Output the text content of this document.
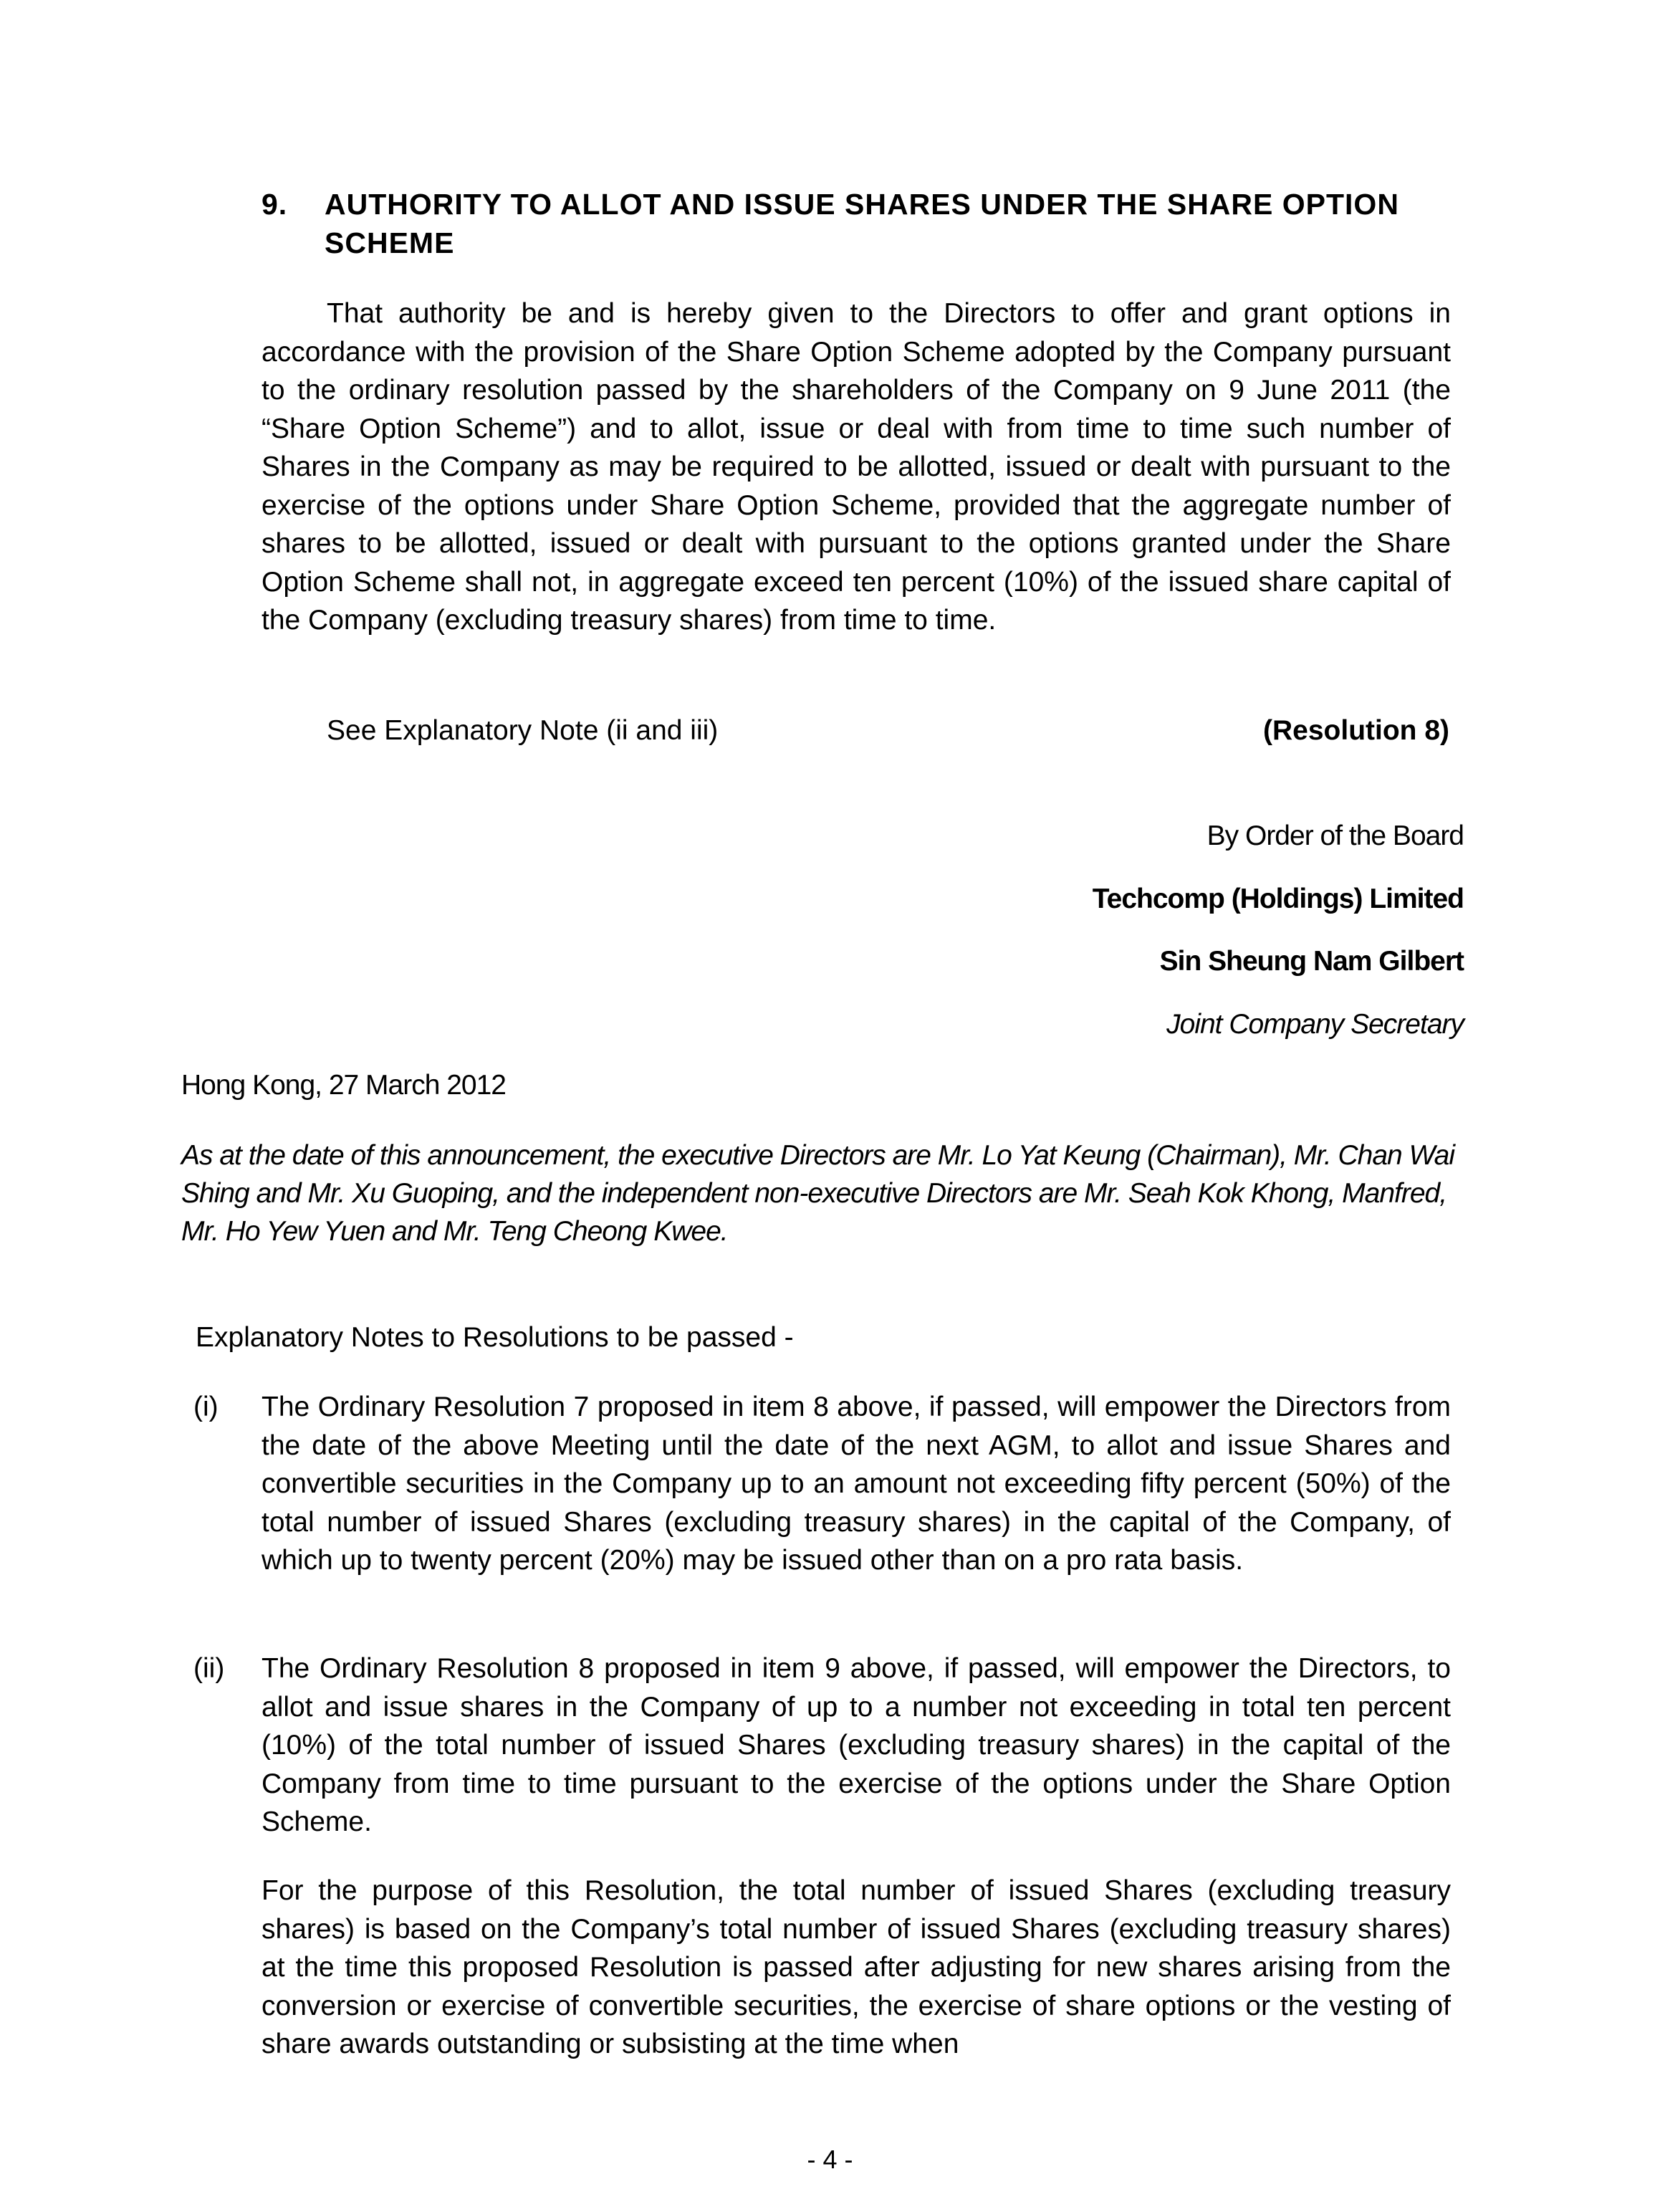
9. AUTHORITY TO ALLOT AND ISSUE SHARES UNDER THE SHARE OPTION SCHEME

That authority be and is hereby given to the Directors to offer and grant options in accordance with the provision of the Share Option Scheme adopted by the Company pursuant to the ordinary resolution passed by the shareholders of the Company on 9 June 2011 (the “Share Option Scheme”) and to allot, issue or deal with from time to time such number of Shares in the Company as may be required to be allotted, issued or dealt with pursuant to the exercise of the options under Share Option Scheme, provided that the aggregate number of shares to be allotted, issued or dealt with pursuant to the options granted under the Share Option Scheme shall not, in aggregate exceed ten percent (10%) of the issued share capital of the Company (excluding treasury shares) from time to time.

See Explanatory Note (ii and iii)	(Resolution 8)
By Order of the Board
Techcomp (Holdings) Limited
Sin Sheung Nam Gilbert
Joint Company Secretary
Hong Kong, 27 March 2012

As at the date of this announcement, the executive Directors are Mr. Lo Yat Keung (Chairman), Mr. Chan Wai Shing and Mr. Xu Guoping, and the independent non-executive Directors are Mr. Seah Kok Khong, Manfred, Mr. Ho Yew Yuen and Mr. Teng Cheong Kwee.

Explanatory Notes to Resolutions to be passed -
(i) The Ordinary Resolution 7 proposed in item 8 above, if passed, will empower the Directors from the date of the above Meeting until the date of the next AGM, to allot and issue Shares and convertible securities in the Company up to an amount not exceeding fifty percent (50%) of the total number of issued Shares (excluding treasury shares) in the capital of the Company, of which up to twenty percent (20%) may be issued other than on a pro rata basis.

(ii) The Ordinary Resolution 8 proposed in item 9 above, if passed, will empower the Directors, to allot and issue shares in the Company of up to a number not exceeding in total ten percent (10%) of the total number of issued Shares (excluding treasury shares) in the capital of the Company from time to time pursuant to the exercise of the options under the Share Option Scheme.

For the purpose of this Resolution, the total number of issued Shares (excluding treasury shares) is based on the Company’s total number of issued Shares (excluding treasury shares) at the time this proposed Resolution is passed after adjusting for new shares arising from the conversion or exercise of convertible securities, the exercise of share options or the vesting of share awards outstanding or subsisting at the time when

- 4 -
